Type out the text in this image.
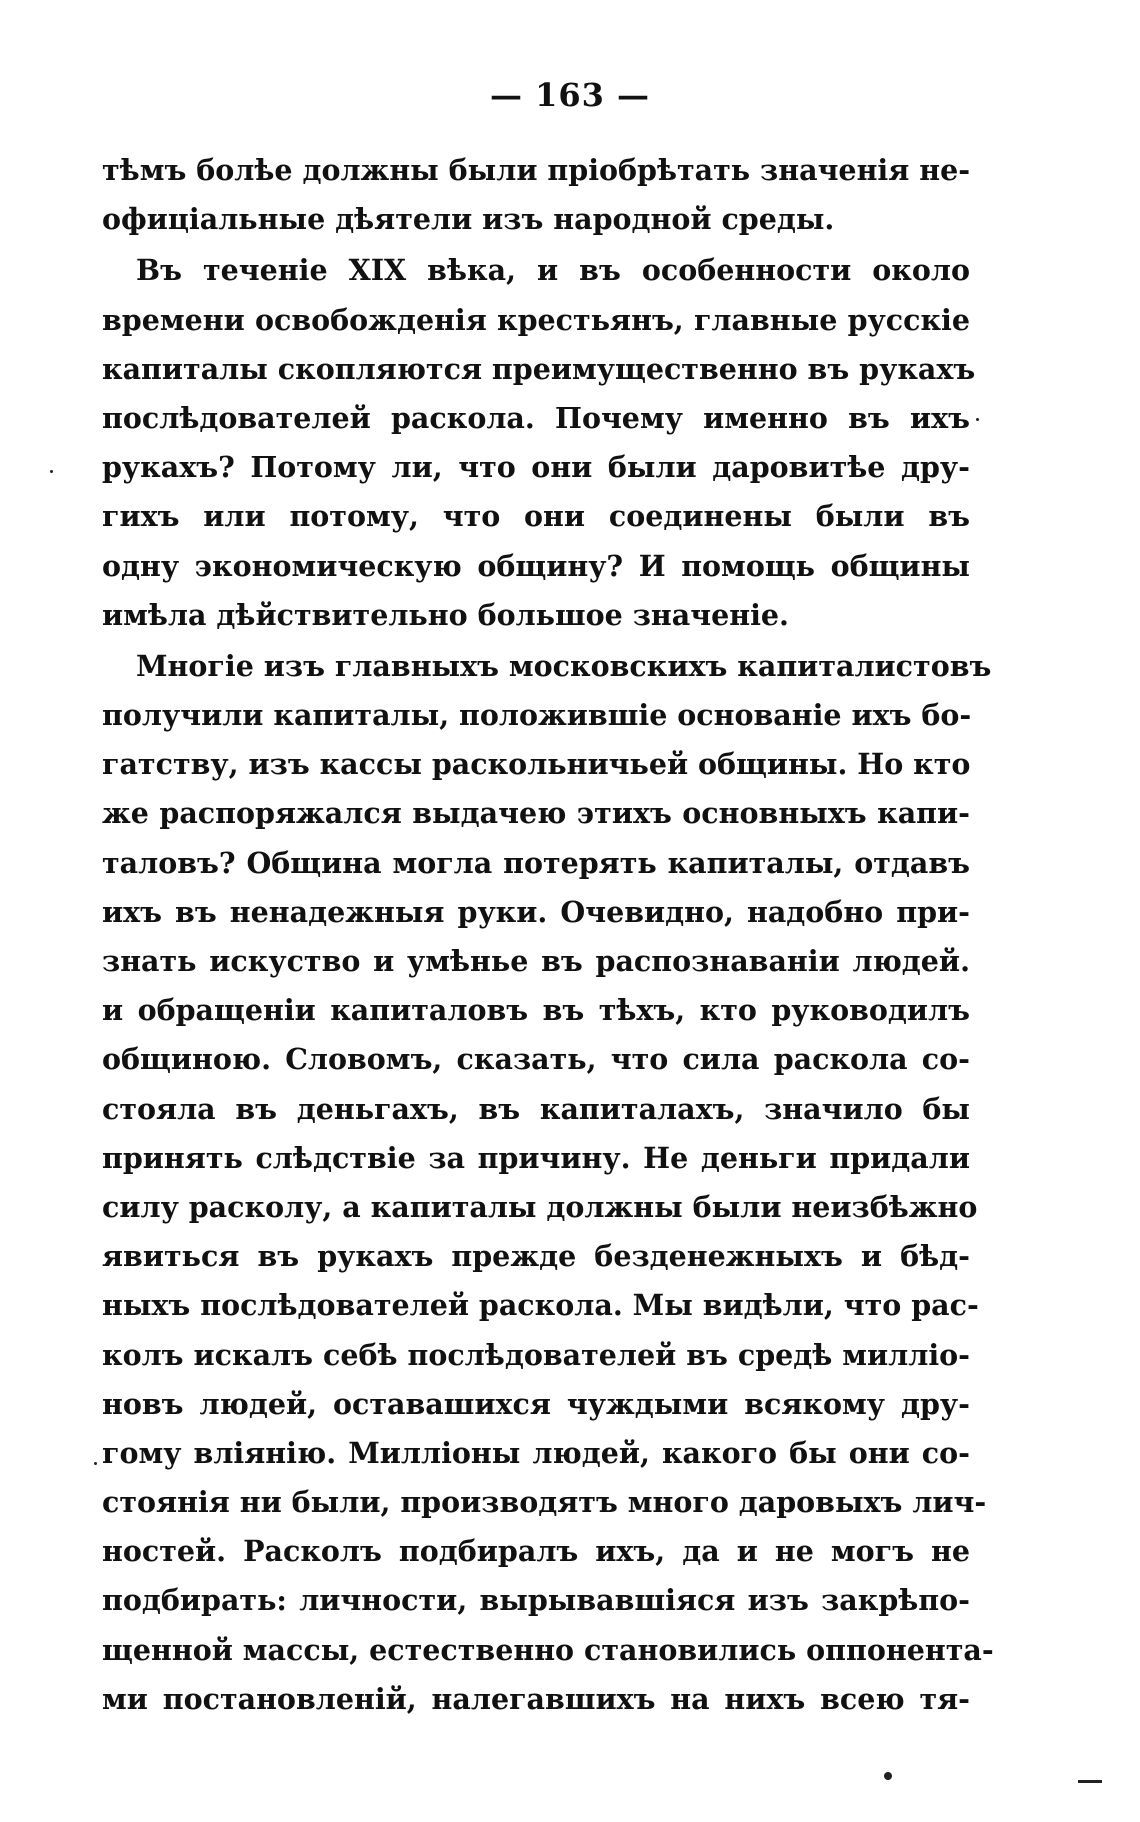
— 163 —
тѣмъ болѣе должны были пріобрѣтать значенія не-
офиціальные дѣятели изъ народной среды.
Въ теченіе XIX вѣка, и въ особенности около
времени освобожденія крестьянъ, главные русскіе
капиталы скопляются преимущественно въ рукахъ
послѣдователей раскола. Почему именно въ ихъ
рукахъ? Потому ли, что они были даровитѣе дру-
гихъ или потому, что они соединены были въ
одну экономическую общину? И помощь общины
имѣла дѣйствительно большое значеніе.
Многіе изъ главныхъ московскихъ капиталистовъ
получили капиталы, положившіе основаніе ихъ бо-
гатству, изъ кассы раскольничьей общины. Но кто
же распоряжался выдачею этихъ основныхъ капи-
таловъ? Община могла потерять капиталы, отдавъ
ихъ въ ненадежныя руки. Очевидно, надобно при-
знать искуство и умѣнье въ распознаваніи людей.
и обращеніи капиталовъ въ тѣхъ, кто руководилъ
общиною. Словомъ, сказать, что сила раскола со-
стояла въ деньгахъ, въ капиталахъ, значило бы
принять слѣдствіе за причину. Не деньги придали
силу расколу, а капиталы должны были неизбѣжно
явиться въ рукахъ прежде безденежныхъ и бѣд-
ныхъ послѣдователей раскола. Мы видѣли, что рас-
колъ искалъ себѣ послѣдователей въ средѣ милліо-
новъ людей, оставашихся чуждыми всякому дру-
гому вліянію. Милліоны людей, какого бы они со-
стоянія ни были, производятъ много даровыхъ лич-
ностей. Расколъ подбиралъ ихъ, да и не могъ не
подбирать: личности, вырывавшіяся изъ закрѣпо-
щенной массы, естественно становились оппонента-
ми постановленій, налегавшихъ на нихъ всею тя-
